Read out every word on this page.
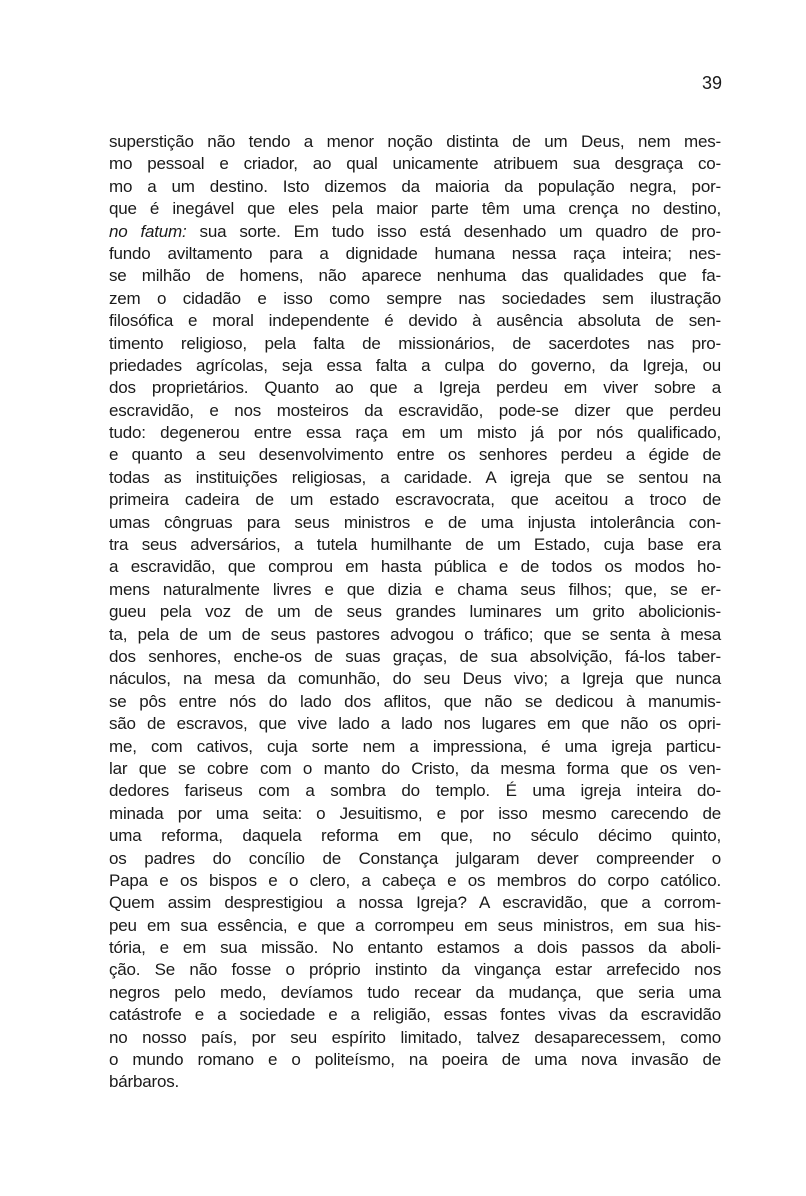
39
superstição não tendo a menor noção distinta de um Deus, nem mes-
mo pessoal e criador, ao qual unicamente atribuem sua desgraça co-
mo a um destino. Isto dizemos da maioria da população negra, por-
que é inegável que eles pela maior parte têm uma crença no destino,
no fatum: sua sorte. Em tudo isso está desenhado um quadro de pro-
fundo aviltamento para a dignidade humana nessa raça inteira; nes-
se milhão de homens, não aparece nenhuma das qualidades que fa-
zem o cidadão e isso como sempre nas sociedades sem ilustração
filosófica e moral independente é devido à ausência absoluta de sen-
timento religioso, pela falta de missionários, de sacerdotes nas pro-
priedades agrícolas, seja essa falta a culpa do governo, da Igreja, ou
dos proprietários. Quanto ao que a Igreja perdeu em viver sobre a
escravidão, e nos mosteiros da escravidão, pode-se dizer que perdeu
tudo: degenerou entre essa raça em um misto já por nós qualificado,
e quanto a seu desenvolvimento entre os senhores perdeu a égide de
todas as instituições religiosas, a caridade. A igreja que se sentou na
primeira cadeira de um estado escravocrata, que aceitou a troco de
umas côngruas para seus ministros e de uma injusta intolerância con-
tra seus adversários, a tutela humilhante de um Estado, cuja base era
a escravidão, que comprou em hasta pública e de todos os modos ho-
mens naturalmente livres e que dizia e chama seus filhos; que, se er-
gueu pela voz de um de seus grandes luminares um grito abolicionis-
ta, pela de um de seus pastores advogou o tráfico; que se senta à mesa
dos senhores, enche-os de suas graças, de sua absolvição, fá-los taber-
náculos, na mesa da comunhão, do seu Deus vivo; a Igreja que nunca
se pôs entre nós do lado dos aflitos, que não se dedicou à manumis-
são de escravos, que vive lado a lado nos lugares em que não os opri-
me, com cativos, cuja sorte nem a impressiona, é uma igreja particu-
lar que se cobre com o manto do Cristo, da mesma forma que os ven-
dedores fariseus com a sombra do templo. É uma igreja inteira do-
minada por uma seita: o Jesuitismo, e por isso mesmo carecendo de
uma reforma, daquela reforma em que, no século décimo quinto,
os padres do concílio de Constança julgaram dever compreender o
Papa e os bispos e o clero, a cabeça e os membros do corpo católico.
Quem assim desprestigiou a nossa Igreja? A escravidão, que a corrom-
peu em sua essência, e que a corrompeu em seus ministros, em sua his-
tória, e em sua missão. No entanto estamos a dois passos da aboli-
ção. Se não fosse o próprio instinto da vingança estar arrefecido nos
negros pelo medo, devíamos tudo recear da mudança, que seria uma
catástrofe e a sociedade e a religião, essas fontes vivas da escravidão
no nosso país, por seu espírito limitado, talvez desaparecessem, como
o mundo romano e o politeísmo, na poeira de uma nova invasão de
bárbaros.
